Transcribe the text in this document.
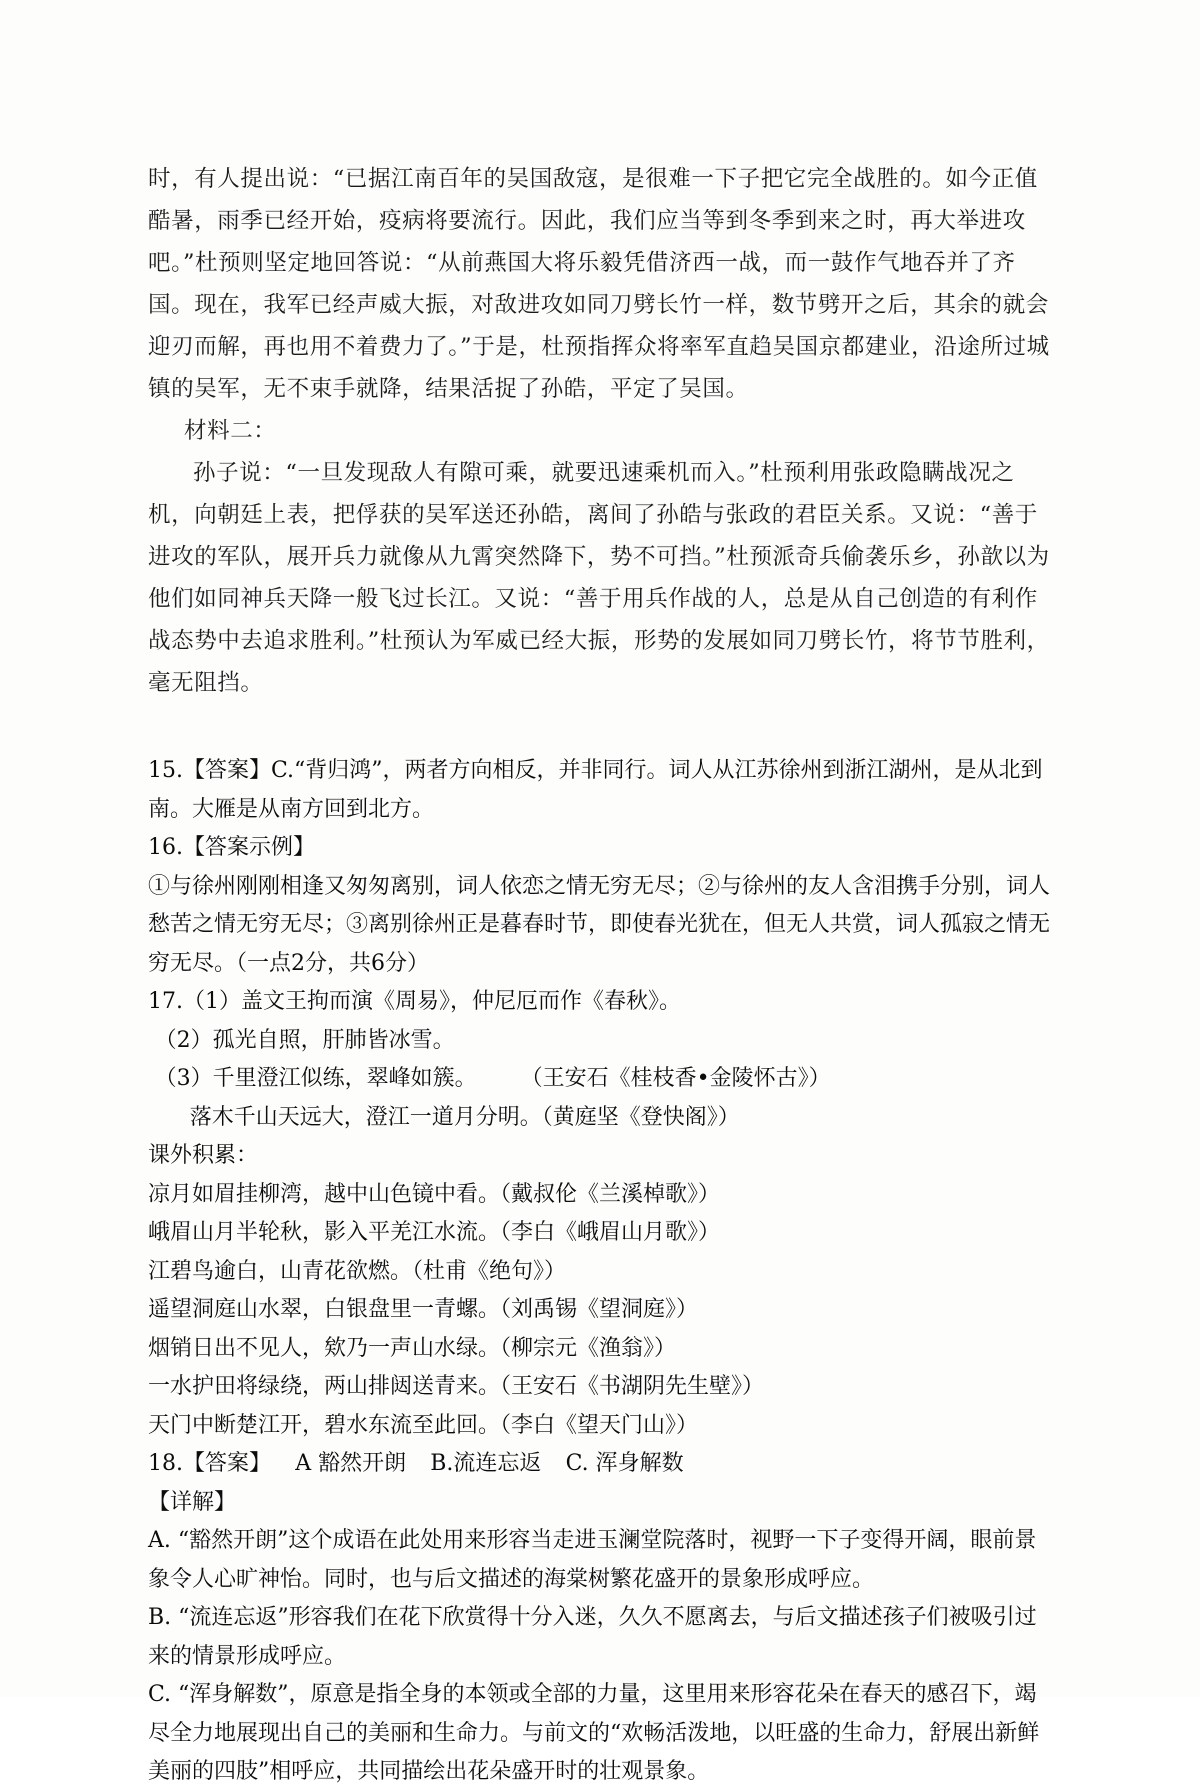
时，有人提出说：“已据江南百年的吴国敌寇，是很难一下子把它完全战胜的。如今正值酷暑，雨季已经开始，疫病将要流行。因此，我们应当等到冬季到来之时，再大举进攻吧。”杜预则坚定地回答说：“从前燕国大将乐毅凭借济西一战，而一鼓作气地吞并了齐国。现在，我军已经声威大振，对敌进攻如同刀劈长竹一样，数节劈开之后，其余的就会迎刃而解，再也用不着费力了。”于是，杜预指挥众将率军直趋吴国京都建业，沿途所过城镇的吴军，无不束手就降，结果活捉了孙皓，平定了吴国。

材料二：

孙子说：“一旦发现敌人有隙可乘，就要迅速乘机而入。”杜预利用张政隐瞒战况之机，向朝廷上表，把俘获的吴军送还孙皓，离间了孙皓与张政的君臣关系。又说：“善于进攻的军队，展开兵力就像从九霄突然降下，势不可挡。”杜预派奇兵偷袭乐乡，孙歆以为他们如同神兵天降一般飞过长江。又说：“善于用兵作战的人，总是从自己创造的有利作战态势中去追求胜利。”杜预认为军威已经大振，形势的发展如同刀劈长竹，将节节胜利，毫无阻挡。

15.【答案】C.“背归鸿”，两者方向相反，并非同行。词人从江苏徐州到浙江湖州，是从北到南。大雁是从南方回到北方。

16.【答案示例】

①与徐州刚刚相逢又匆匆离别，词人依恋之情无穷无尽；②与徐州的友人含泪携手分别，词人愁苦之情无穷无尽；③离别徐州正是暮春时节，即使春光犹在，但无人共赏，词人孤寂之情无穷无尽。（一点2分，共6分）

17.（1）盖文王拘而演《周易》，仲尼厄而作《春秋》。

（2）孤光自照，肝肺皆冰雪。

（3）千里澄江似练，翠峰如簇。 （王安石《桂枝香•金陵怀古》）

落木千山天远大，澄江一道月分明。（黄庭坚《登快阁》）

课外积累：

凉月如眉挂柳湾，越中山色镜中看。（戴叔伦《兰溪棹歌》）

峨眉山月半轮秋，影入平羌江水流。（李白《峨眉山月歌》）

江碧鸟逾白，山青花欲燃。（杜甫《绝句》）

遥望洞庭山水翠，白银盘里一青螺。（刘禹锡《望洞庭》）

烟销日出不见人，欸乃一声山水绿。（柳宗元《渔翁》）

一水护田将绿绕，两山排闼送青来。（王安石《书湖阴先生壁》）

天门中断楚江开，碧水东流至此回。（李白《望天门山》）

18.【答案】 A 豁然开朗 B.流连忘返 C. 浑身解数

【详解】

A. “豁然开朗”这个成语在此处用来形容当走进玉澜堂院落时，视野一下子变得开阔，眼前景象令人心旷神怡。同时，也与后文描述的海棠树繁花盛开的景象形成呼应。

B. “流连忘返”形容我们在花下欣赏得十分入迷，久久不愿离去，与后文描述孩子们被吸引过来的情景形成呼应。

C. “浑身解数”，原意是指全身的本领或全部的力量，这里用来形容花朵在春天的感召下，竭尽全力地展现出自己的美丽和生命力。与前文的“欢畅活泼地，以旺盛的生命力，舒展出新鲜美丽的四肢”相呼应，共同描绘出花朵盛开时的壮观景象。
